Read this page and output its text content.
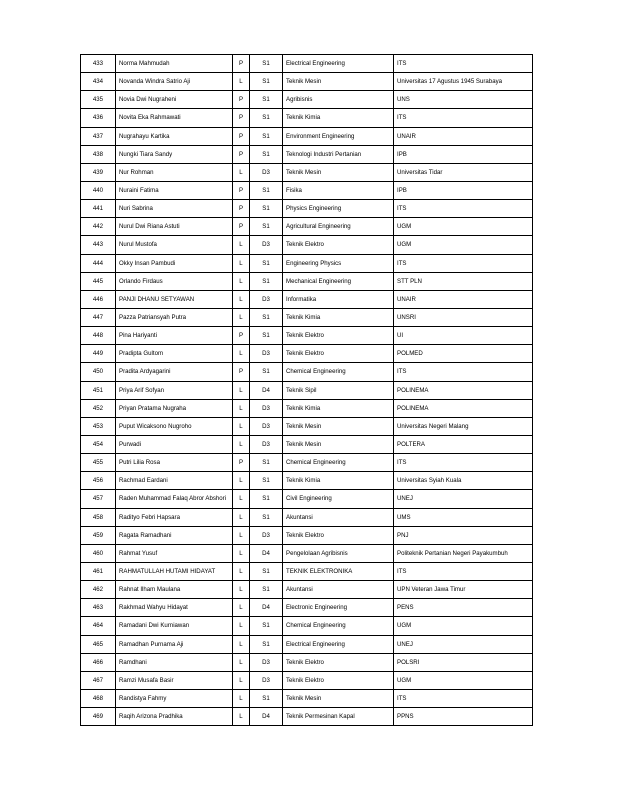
433	Norma Mahmudah	P	S1	Electrical Engineering	ITS
434	Novanda Windra Satrio Aji	L	S1	Teknik Mesin	Universitas 17 Agustus 1945 Surabaya
435	Novia Dwi Nugraheni	P	S1	Agribisnis	UNS
436	Novita Eka Rahmawati	P	S1	Teknik Kimia	ITS
437	Nugrahayu Kartika	P	S1	Environment Engineering	UNAIR
438	Nungki Tiara Sandy	P	S1	Teknologi Industri Pertanian	IPB
439	Nur Rohman	L	D3	Teknik Mesin	Universitas Tidar
440	Nuraini Fatima	P	S1	Fisika	IPB
441	Nuri Sabrina	P	S1	Physics Engineering	ITS
442	Nurul Dwi Riana Astuti	P	S1	Agricultural Engineering	UGM
443	Nurul Mustofa	L	D3	Teknik Elektro	UGM
444	Okky Insan Pambudi	L	S1	Engineering Physics	ITS
445	Orlando Firdaus	L	S1	Mechanical Engineering	STT PLN
446	PANJI DHANU SETYAWAN	L	D3	Informatika	UNAIR
447	Pazza Patriansyah Putra	L	S1	Teknik Kimia	UNSRI
448	Pina Hariyanti	P	S1	Teknik Elektro	UI
449	Pradipta Gultom	L	D3	Teknik Elektro	POLMED
450	Pradita Ardyagarini	P	S1	Chemical Engineering	ITS
451	Priya Arif Sofyan	L	D4	Teknik Sipil	POLINEMA
452	Priyan Pratama Nugraha	L	D3	Teknik Kimia	POLINEMA
453	Puput Wicaksono Nugroho	L	D3	Teknik Mesin	Universitas Negeri Malang
454	Purwadi	L	D3	Teknik Mesin	POLTERA
455	Putri Lilia Rosa	P	S1	Chemical Engineering	ITS
456	Rachmad Eardani	L	S1	Teknik Kimia	Universitas Syiah Kuala
457	Raden Muhammad Falaq Abror Abshori	L	S1	Civil Engineering	UNEJ
458	Radityo Febri Hapsara	L	S1	Akuntansi	UMS
459	Ragata Ramadhani	L	D3	Teknik Elektro	PNJ
460	Rahmat Yusuf	L	D4	Pengelolaan Agribisnis	Politeknik Pertanian Negeri Payakumbuh
461	RAHMATULLAH HUTAMI HIDAYAT	L	S1	TEKNIK ELEKTRONIKA	ITS
462	Rahnat Ilham Maulana	L	S1	Akuntansi	UPN Veteran Jawa Timur
463	Rakhmad Wahyu Hidayat	L	D4	Electronic Engineering	PENS
464	Ramadani Dwi Kurniawan	L	S1	Chemical Engineering	UGM
465	Ramadhan Purnama Aji	L	S1	Electrical Engineering	UNEJ
466	Ramdhani	L	D3	Teknik Elektro	POLSRI
467	Ramzi Musafa Basir	L	D3	Teknik Elektro	UGM
468	Randistya Fahmy	L	S1	Teknik Mesin	ITS
469	Raqih Arizona Pradhika	L	D4	Teknik Permesinan Kapal	PPNS
